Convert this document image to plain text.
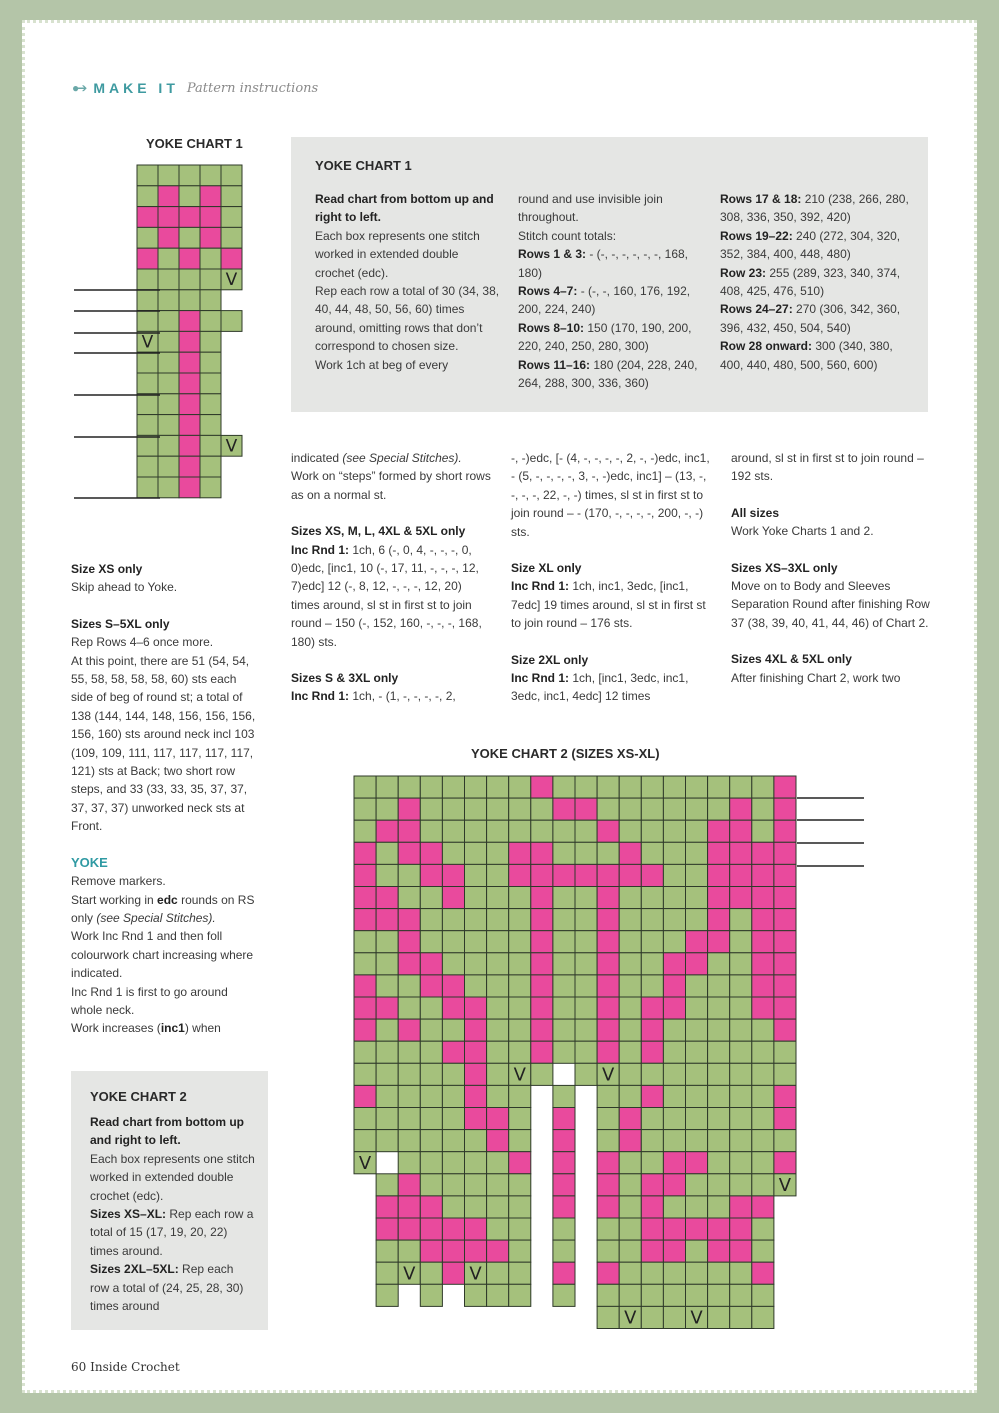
●➔ MAKE IT Pattern instructions
YOKE CHART 1
V
V
V
V	V
V
V
V	V
V	V
YOKE CHART 1

Read chart from bottom up and right to left.

Each box represents one stitch worked in extended double crochet (edc).

Rep each row a total of 30 (34, 38, 40, 44, 48, 50, 56, 60) times around, omitting rows that don’t correspond to chosen size.

Work 1ch at beg of every

round and use invisible join throughout.

Stitch count totals:

Rows 1 & 3: - (-, -, -, -, -, -, 168, 180)

Rows 4–7: - (-, -, 160, 176, 192, 200, 224, 240)

Rows 8–10: 150 (170, 190, 200, 220, 240, 250, 280, 300)

Rows 11–16: 180 (204, 228, 240, 264, 288, 300, 336, 360)

Rows 17 & 18: 210 (238, 266, 280, 308, 336, 350, 392, 420)

Rows 19–22: 240 (272, 304, 320, 352, 384, 400, 448, 480)

Row 23: 255 (289, 323, 340, 374, 408, 425, 476, 510)

Rows 24–27: 270 (306, 342, 360, 396, 432, 450, 504, 540)

Row 28 onward: 300 (340, 380, 400, 440, 480, 500, 560, 600)

Size XS only

Skip ahead to Yoke.

Sizes S–5XL only

Rep Rows 4–6 once more.

At this point, there are 51 (54, 54, 55, 58, 58, 58, 58, 60) sts each side of beg of round st; a total of 138 (144, 144, 148, 156, 156, 156, 156, 160) sts around neck incl 103 (109, 109, 111, 117, 117, 117, 117, 121) sts at Back; two short row steps, and 33 (33, 33, 35, 37, 37, 37, 37, 37) unworked neck sts at Front.

YOKE

Remove markers.

Start working in edc rounds on RS only (see Special Stitches).

Work Inc Rnd 1 and then foll colourwork chart increasing where indicated.

Inc Rnd 1 is first to go around whole neck.

Work increases (inc1) when

indicated (see Special Stitches). Work on “steps” formed by short rows as on a normal st.

Sizes XS, M, L, 4XL & 5XL only

Inc Rnd 1: 1ch, 6 (-, 0, 4, -, -, -, 0, 0)edc, [inc1, 10 (-, 17, 11, -, -, -, 12, 7)edc] 12 (-, 8, 12, -, -, -, 12, 20) times around, sl st in first st to join round – 150 (-, 152, 160, -, -, -, 168, 180) sts.

Sizes S & 3XL only

Inc Rnd 1: 1ch, - (1, -, -, -, -, 2,

-, -)edc, [- (4, -, -, -, -, 2, -, -)edc, inc1, - (5, -, -, -, -, 3, -, -)edc, inc1] – (13, -, -, -, -, 22, -, -) times, sl st in first st to join round – - (170, -, -, -, -, 200, -, -) sts.

Size XL only

Inc Rnd 1: 1ch, inc1, 3edc, [inc1, 7edc] 19 times around, sl st in first st to join round – 176 sts.

Size 2XL only

Inc Rnd 1: 1ch, [inc1, 3edc, inc1, 3edc, inc1, 4edc] 12 times

around, sl st in first st to join round –192 sts.

All sizes

Work Yoke Charts 1 and 2.

Sizes XS–3XL only

Move on to Body and Sleeves Separation Round after finishing Row 37 (38, 39, 40, 41, 44, 46) of Chart 2.

Sizes 4XL & 5XL only

After finishing Chart 2, work two

YOKE CHART 2

Read chart from bottom up and right to left.

Each box represents one stitch worked in extended double crochet (edc).

Sizes XS–XL: Rep each row a total of 15 (17, 19, 20, 22) times around.

Sizes 2XL–5XL: Rep each row a total of (24, 25, 28, 30) times around

YOKE CHART 2 (SIZES XS-XL)
60 Inside Crochet
